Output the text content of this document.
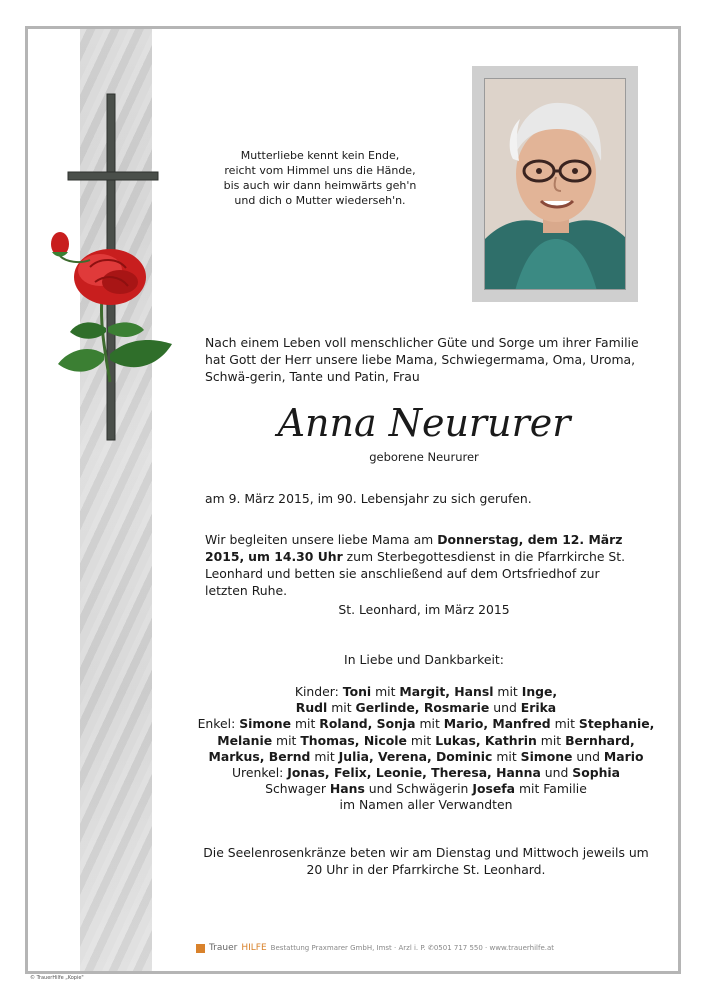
Mutterliebe kennt kein Ende,
reicht vom Himmel uns die Hände,
bis auch wir dann heimwärts geh'n
und dich o Mutter wiederseh'n.
Nach einem Leben voll menschlicher Güte und Sorge um ihrer Familie hat Gott der Herr unsere liebe Mama, Schwiegermama, Oma, Uroma, Schwä-gerin, Tante und Patin, Frau
Anna Neururer
geborene Neururer
am 9. März 2015, im 90. Lebensjahr zu sich gerufen.
Wir begleiten unsere liebe Mama am Donnerstag, dem 12. März 2015, um 14.30 Uhr zum Sterbegottesdienst in die Pfarrkirche St. Leonhard und betten sie anschließend auf dem Ortsfriedhof zur letzten Ruhe.
St. Leonhard, im März 2015
In Liebe und Dankbarkeit:
Kinder: Toni mit Margit, Hansl mit Inge,
Rudl mit Gerlinde, Rosmarie und Erika
Enkel: Simone mit Roland, Sonja mit Mario, Manfred mit Stephanie,
Melanie mit Thomas, Nicole mit Lukas, Kathrin mit Bernhard,
Markus, Bernd mit Julia, Verena, Dominic mit Simone und Mario
Urenkel: Jonas, Felix, Leonie, Theresa, Hanna und Sophia
Schwager Hans und Schwägerin Josefa mit Familie
im Namen aller Verwandten
Die Seelenrosenkränze beten wir am Dienstag und Mittwoch jeweils um 20 Uhr in der Pfarrkirche St. Leonhard.
Trauer HILFE Bestattung Praxmarer GmbH, Imst · Arzl i. P. ✆0501 717 550 · www.trauerhilfe.at
© TrauerHilfe „Kopie"
